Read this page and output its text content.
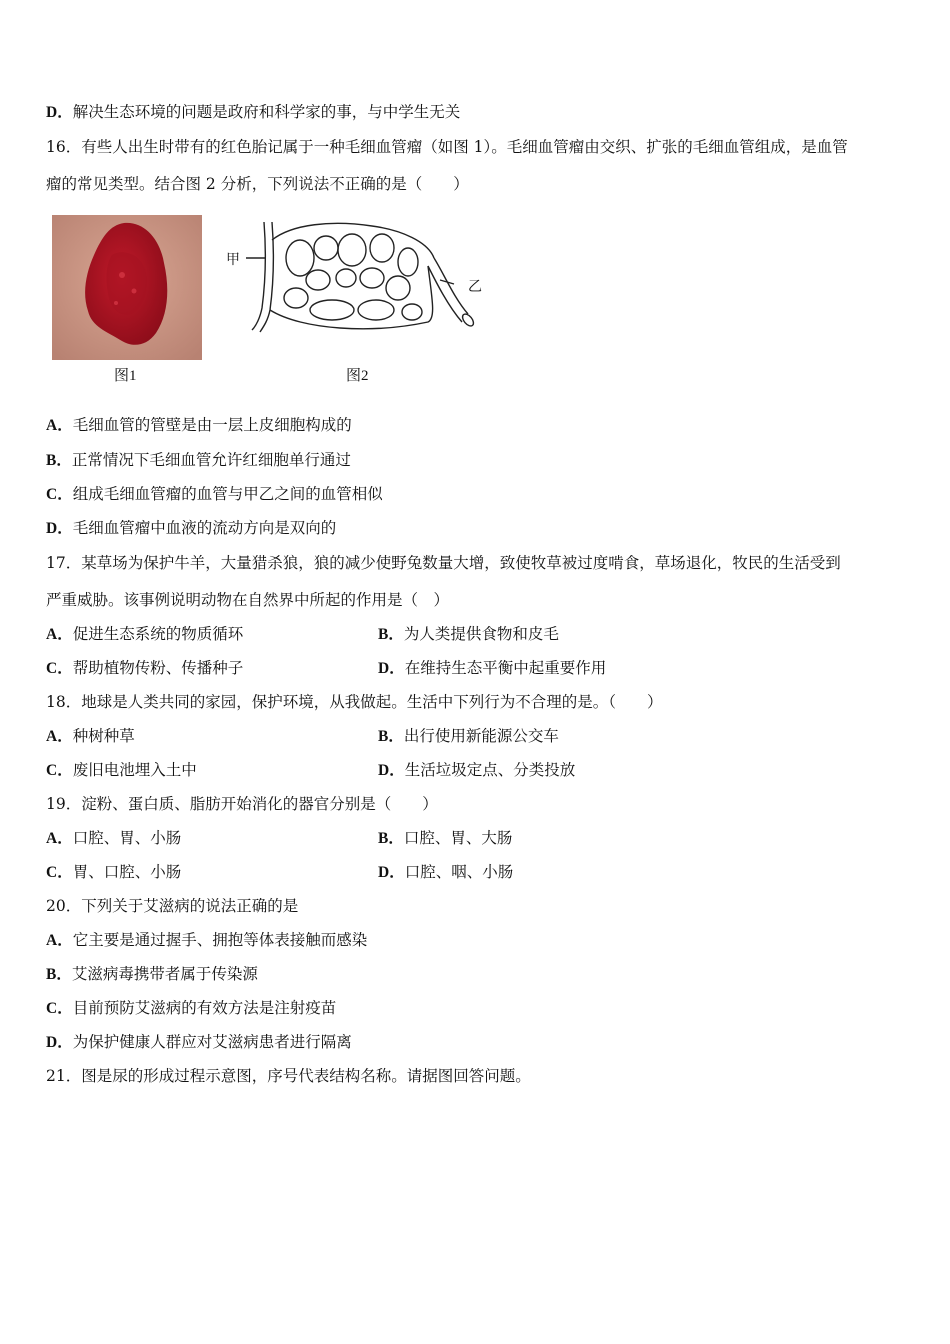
D．解决生态环境的问题是政府和科学家的事，与中学生无关
16．有些人出生时带有的红色胎记属于一种毛细血管瘤（如图 1）。毛细血管瘤由交织、扩张的毛细血管组成，是血管
瘤的常见类型。结合图 2 分析，下列说法不正确的是（　　）
图1
甲
乙
图2
A．毛细血管的管壁是由一层上皮细胞构成的
B．正常情况下毛细血管允许红细胞单行通过
C．组成毛细血管瘤的血管与甲乙之间的血管相似
D．毛细血管瘤中血液的流动方向是双向的
17．某草场为保护牛羊，大量猎杀狼，狼的减少使野兔数量大增，致使牧草被过度啃食，草场退化，牧民的生活受到
严重威胁。该事例说明动物在自然界中所起的作用是（　）
A．促进生态系统的物质循环	B．为人类提供食物和皮毛
C．帮助植物传粉、传播种子	D．在维持生态平衡中起重要作用
18．地球是人类共同的家园，保护环境，从我做起。生活中下列行为不合理的是。（　　）
A．种树种草	B．出行使用新能源公交车
C．废旧电池埋入土中	D．生活垃圾定点、分类投放
19．淀粉、蛋白质、脂肪开始消化的器官分别是（　　）
A．口腔、胃、小肠	B．口腔、胃、大肠
C．胃、口腔、小肠	D．口腔、咽、小肠
20．下列关于艾滋病的说法正确的是
A．它主要是通过握手、拥抱等体表接触而感染
B．艾滋病毒携带者属于传染源
C．目前预防艾滋病的有效方法是注射疫苗
D．为保护健康人群应对艾滋病患者进行隔离
21．图是尿的形成过程示意图，序号代表结构名称。请据图回答问题。
